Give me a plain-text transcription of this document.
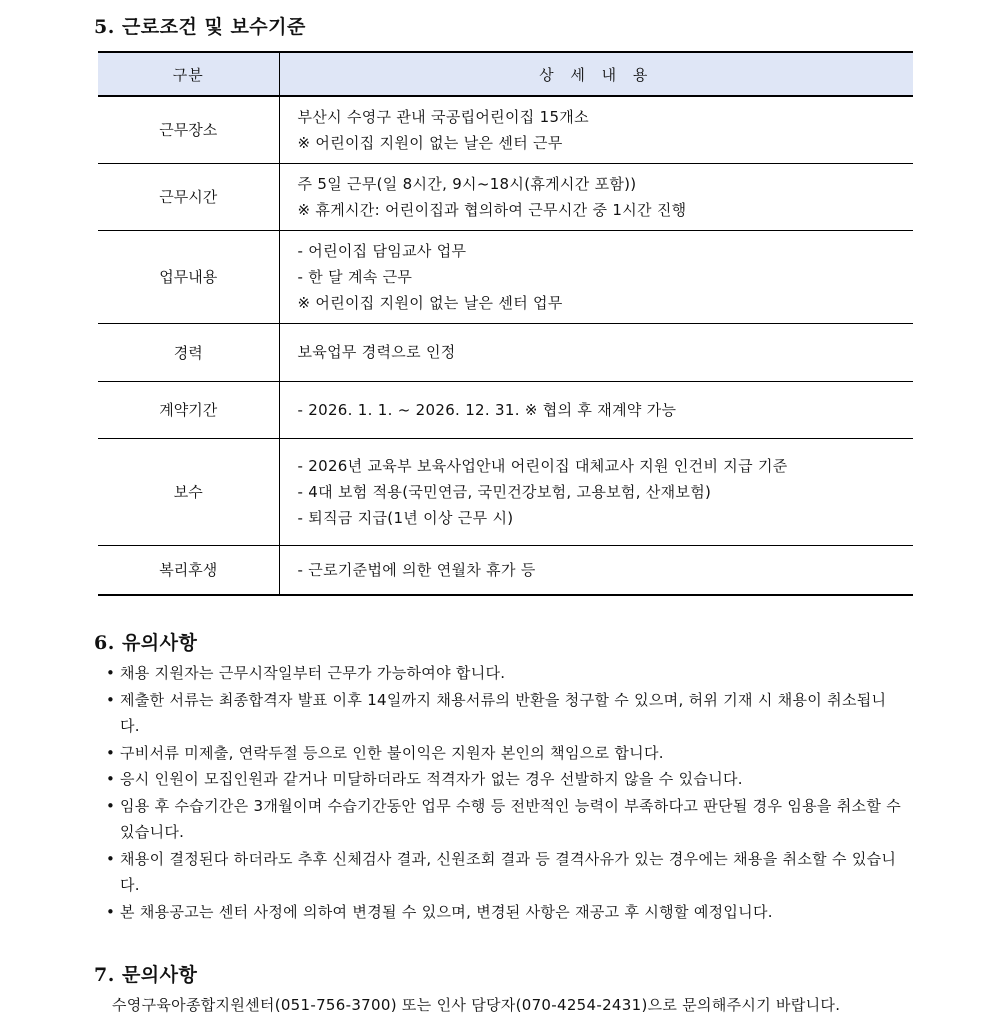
5. 근로조건 및 보수기준
구분	상 세 내 용
근무장소	부산시 수영구 관내 국공립어린이집 15개소
※ 어린이집 지원이 없는 날은 센터 근무

근무시간	주 5일 근무(일 8시간, 9시~18시(휴게시간 포함))
※ 휴게시간: 어린이집과 협의하여 근무시간 중 1시간 진행

업무내용	- 어린이집 담임교사 업무
- 한 달 계속 근무
※ 어린이집 지원이 없는 날은 센터 업무

경력	보육업무 경력으로 인정

계약기간	- 2026. 1. 1. ~ 2026. 12. 31. ※ 협의 후 재계약 가능

보수	- 2026년 교육부 보육사업안내 어린이집 대체교사 지원 인건비 지급 기준
- 4대 보험 적용(국민연금, 국민건강보험, 고용보험, 산재보험)
- 퇴직금 지급(1년 이상 근무 시)

복리후생	- 근로기준법에 의한 연월차 휴가 등
6. 유의사항
• 채용 지원자는 근무시작일부터 근무가 가능하여야 합니다.
• 제출한 서류는 최종합격자 발표 이후 14일까지 채용서류의 반환을 청구할 수 있으며, 허위 기재 시 채용이 취소됩니다.
• 구비서류 미제출, 연락두절 등으로 인한 불이익은 지원자 본인의 책임으로 합니다.
• 응시 인원이 모집인원과 같거나 미달하더라도 적격자가 없는 경우 선발하지 않을 수 있습니다.
• 임용 후 수습기간은 3개월이며 수습기간동안 업무 수행 등 전반적인 능력이 부족하다고 판단될 경우 임용을 취소할 수 있습니다.
• 채용이 결정된다 하더라도 추후 신체검사 결과, 신원조회 결과 등 결격사유가 있는 경우에는 채용을 취소할 수 있습니다.
• 본 채용공고는 센터 사정에 의하여 변경될 수 있으며, 변경된 사항은 재공고 후 시행할 예정입니다.
7. 문의사항
수영구육아종합지원센터(051-756-3700) 또는 인사 담당자(070-4254-2431)으로 문의해주시기 바랍니다.
